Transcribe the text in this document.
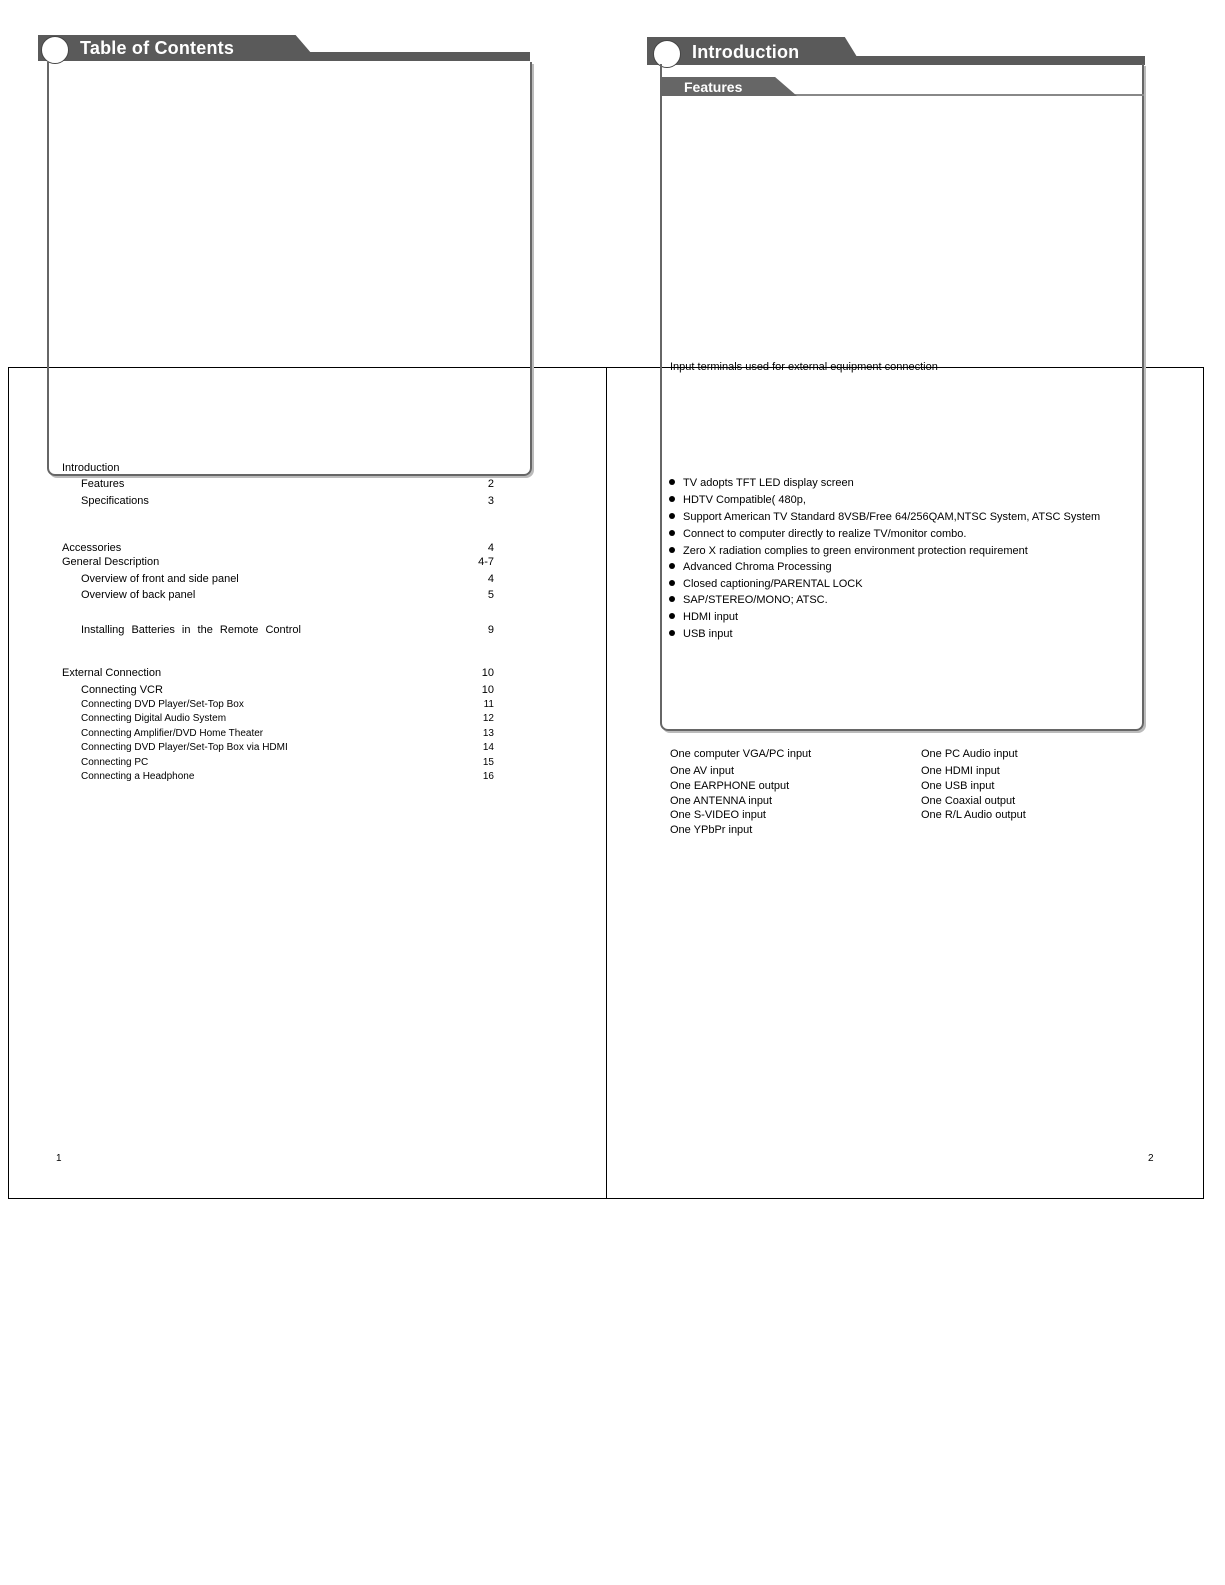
Table of Contents
Introduction
Features	2
Specifications	3
Accessories	4
General Description	4-7
Overview of front and side panel	4
Overview of back panel	5
Installing Batteries in the Remote Control	9
External Connection	10
Connecting VCR	10
Connecting DVD Player/Set-Top Box	11
Connecting Digital Audio System	12
Connecting Amplifier/DVD Home Theater	13
Connecting DVD Player/Set-Top Box via HDMI	14
Connecting PC	15
Connecting a Headphone	16
1
Introduction
Features
TV adopts TFT LED display screen
HDTV Compatible( 480p,
Support American TV Standard 8VSB/Free 64/256QAM,NTSC System, ATSC System
Connect to computer directly to realize TV/monitor combo.
Zero X radiation complies to green environment protection requirement
Advanced Chroma Processing
Closed captioning/PARENTAL LOCK
SAP/STEREO/MONO; ATSC.
HDMI input
USB input
Input terminals used for external equipment connection
One computer VGA/PC input
One AV input
One EARPHONE output
One ANTENNA input
One S-VIDEO input
One YPbPr input
One PC Audio input
One HDMI input
One USB input
One Coaxial output
One R/L Audio output
2
